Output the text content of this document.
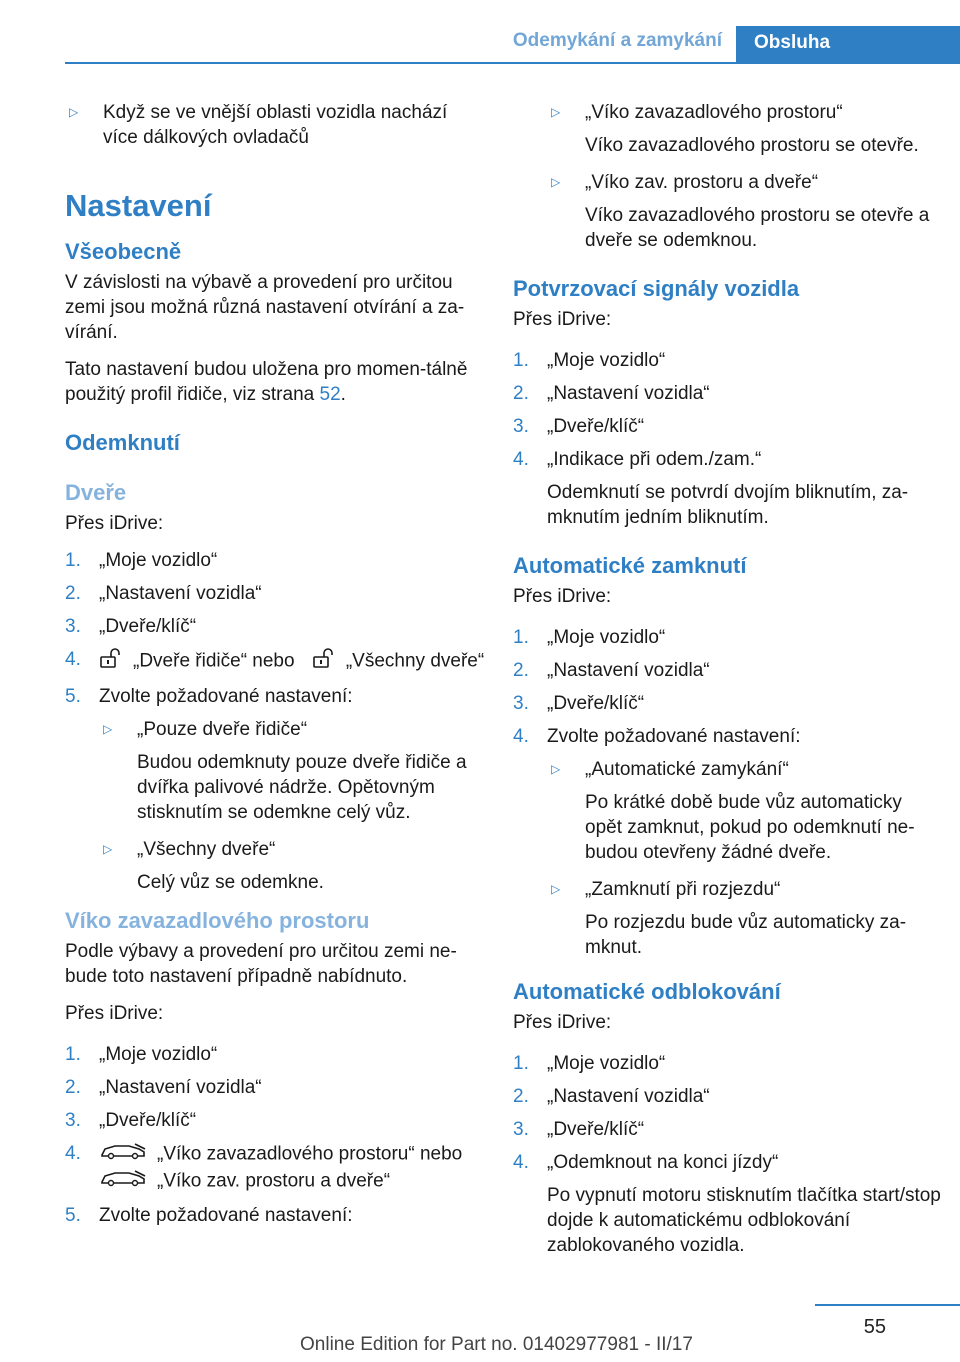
Odemykání a zamykání	Obsluha
▷	Když se ve vnější oblasti vozidla nachází více dálkových ovladačů
Nastavení
Všeobecně

V závislosti na výbavě a provedení pro určitou zemi jsou možná různá nastavení otvírání a za-vírání.

Tato nastavení budou uložena pro momen-tálně použitý profil řidiče, viz strana 52.

Odemknutí
Dveře

Přes iDrive:

1. „Moje vozidlo“
2. „Nastavení vozidla“
3. „Dveře/klíč“
4.	„Dveře řidiče“ nebo	„Všechny dveře“
5. Zvolte požadované nastavení:
▷	„Pouze dveře řidiče“

Budou odemknuty pouze dveře řidiče a dvířka palivové nádrže. Opětovným stisknutím se odemkne celý vůz.
▷	„Všechny dveře“

Celý vůz se odemkne.
Víko zavazadlového prostoru

Podle výbavy a provedení pro určitou zemi ne-bude toto nastavení případně nabídnuto.

Přes iDrive:

1. „Moje vozidlo“
2. „Nastavení vozidla“
3. „Dveře/klíč“
4.	„Víko zavazadlového prostoru“ nebo
„Víko zav. prostoru a dveře“
5. Zvolte požadované nastavení:
▷	„Víko zavazadlového prostoru“

Víko zavazadlového prostoru se otevře.
▷	„Víko zav. prostoru a dveře“

Víko zavazadlového prostoru se otevře a dveře se odemknou.
Potvrzovací signály vozidla

Přes iDrive:

1. „Moje vozidlo“
2. „Nastavení vozidla“
3. „Dveře/klíč“
4. „Indikace při odem./zam.“
Odemknutí se potvrdí dvojím bliknutím, za-mknutím jedním bliknutím.
Automatické zamknutí

Přes iDrive:

1. „Moje vozidlo“
2. „Nastavení vozidla“
3. „Dveře/klíč“
4. Zvolte požadované nastavení:
▷	„Automatické zamykání“

Po krátké době bude vůz automaticky opět zamknut, pokud po odemknutí ne-budou otevřeny žádné dveře.
▷	„Zamknutí při rozjezdu“

Po rozjezdu bude vůz automaticky za-mknut.
Automatické odblokování

Přes iDrive:

1. „Moje vozidlo“
2. „Nastavení vozidla“
3. „Dveře/klíč“
4. „Odemknout na konci jízdy“
Po vypnutí motoru stisknutím tlačítka start/stop dojde k automatickému odblokování zablokovaného vozidla.
55
Online Edition for Part no. 01402977981 - II/17
